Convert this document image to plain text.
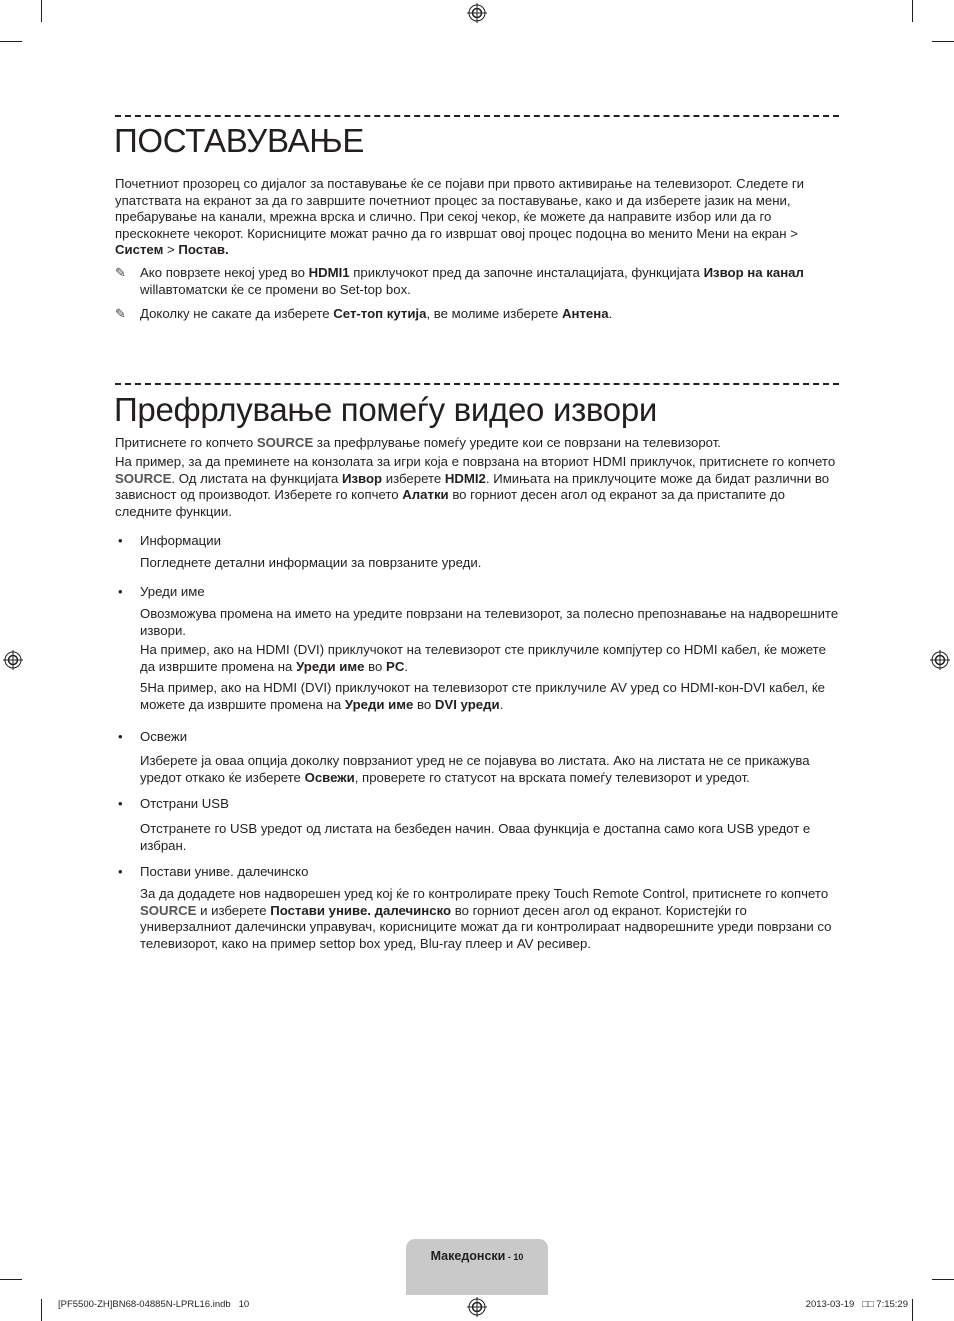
ПОСТАВУВАЊЕ

Почетниот прозорец со дијалог за поставување ќе се појави при првото активирање на телевизорот. Следете ги упатствата на екранот за да го завршите почетниот процес за поставување, како и да изберете јазик на мени, пребарување на канали, мрежна врска и слично. При секој чекор, ќе можете да направите избор или да го прескокнете чекорот. Корисниците можат рачно да го извршат овој процес подоцна во менито Мени на екран > Систем > Постав.

✎ Ако поврзете некој уред во HDMI1 приклучокот пред да започне инсталацијата, функцијата Извор на канал willавтоматски ќе се промени во Set-top box.

✎ Доколку не сакате да изберете Сет-топ кутија, ве молиме изберете Антена.

Префрлување помеѓу видео извори

Притиснете го копчето SOURCE за префрлување помеѓу уредите кои се поврзани на телевизорот.

На пример, за да преминете на конзолата за игри која е поврзана на вториот HDMI приклучок, притиснете го копчето SOURCE. Од листата на функцијата Извор изберете HDMI2. Имињата на приклучоците може да бидат различни во зависност од производот. Изберете го копчето Алатки во горниот десен агол од екранот за да пристапите до следните функции.

• Информации

Погледнете детални информации за поврзаните уреди.

• Уреди име

Овозможува промена на името на уредите поврзани на телевизорот, за полесно препознавање на надворешните извори.

На пример, ако на HDMI (DVI) приклучокот на телевизорот сте приклучиле компјутер со HDMI кабел, ќе можете да извршите промена на Уреди име во PC.

5На пример, ако на HDMI (DVI) приклучокот на телевизорот сте приклучиле AV уред со HDMI-кон-DVI кабел, ќе можете да извршите промена на Уреди име во DVI уреди.

• Освежи

Изберете ја оваа опција доколку поврзаниот уред не се појавува во листата. Ако на листата не се прикажува уредот откако ќе изберете Освежи, проверете го статусот на врската помеѓу телевизорот и уредот.

• Отстрани USB

Отстранете го USB уредот од листата на безбеден начин. Оваа функција е достапна само кога USB уредот е избран.

• Постави униве. далечинско

За да додадете нов надворешен уред кој ќе го контролирате преку Touch Remote Control, притиснете го копчето SOURCE и изберете Постави униве. далечинско во горниот десен агол од екранот. Користејќи го универзалниот далечински управувач, корисниците можат да ги контролираат надворешните уреди поврзани со телевизорот, како на пример settop box уред, Blu-ray плеер и AV ресивер.

Македонски - 10
[PF5500-ZH]BN68-04885N-LPRL16.indb   10	2013-03-19   □□ 7:15:29
